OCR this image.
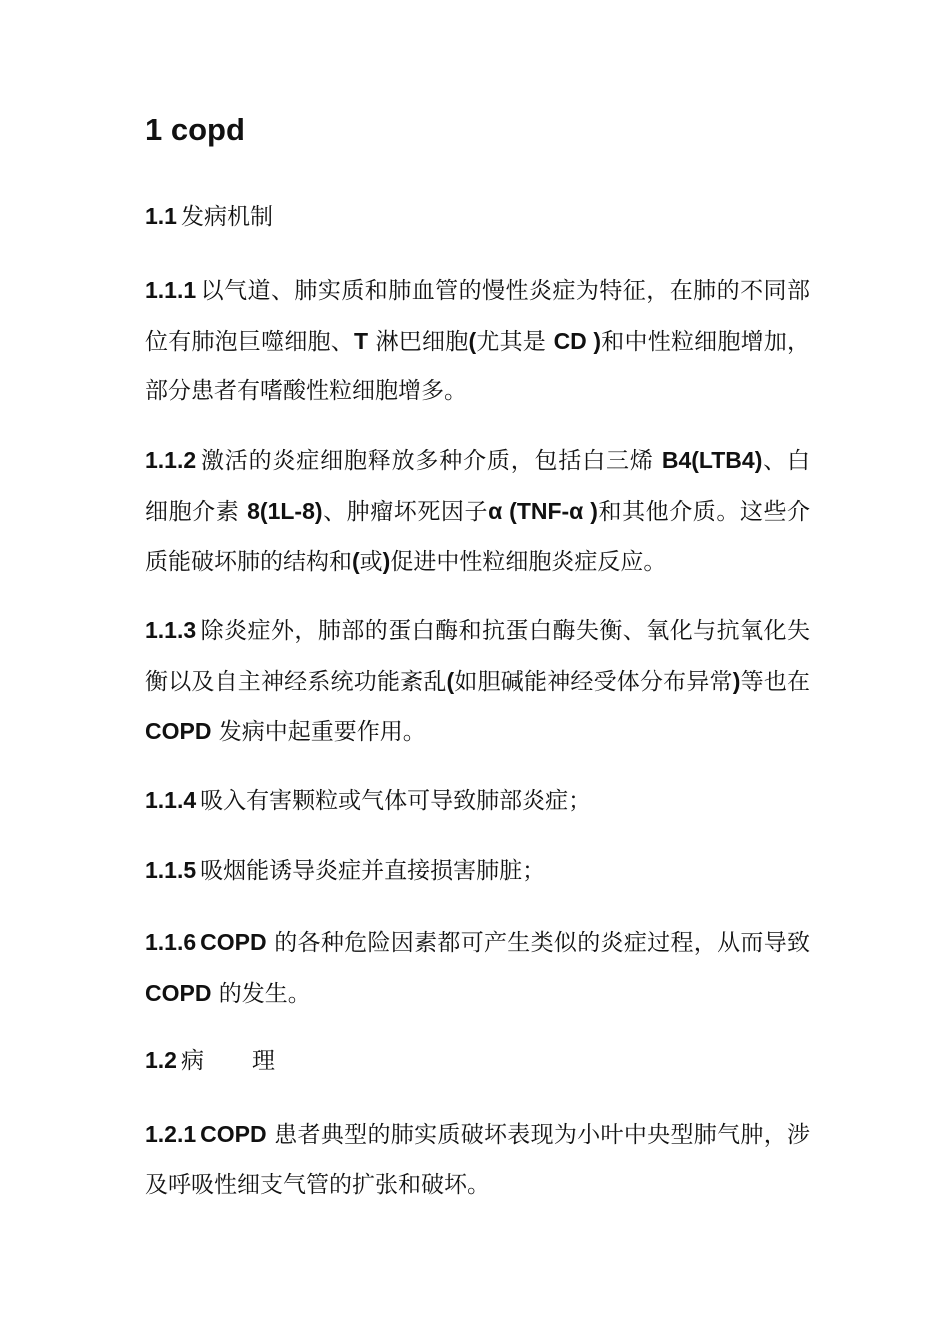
1 copd

1.1 发病机制

1.1.1 以气道、肺实质和肺血管的慢性炎症为特征，在肺的不同部位有肺泡巨噬细胞、T 淋巴细胞(尤其是 CD )和中性粒细胞增加，部分患者有嗜酸性粒细胞增多。

1.1.2 激活的炎症细胞释放多种介质，包括白三烯 B4(LTB4)、白细胞介素 8(1L-8)、肿瘤坏死因子α (TNF-α )和其他介质。这些介质能破坏肺的结构和(或)促进中性粒细胞炎症反应。

1.1.3 除炎症外，肺部的蛋白酶和抗蛋白酶失衡、氧化与抗氧化失衡以及自主神经系统功能紊乱(如胆碱能神经受体分布异常)等也在 COPD 发病中起重要作用。

1.1.4 吸入有害颗粒或气体可导致肺部炎症；

1.1.5 吸烟能诱导炎症并直接损害肺脏；

1.1.6 COPD 的各种危险因素都可产生类似的炎症过程，从而导致 COPD 的发生。

1.2 病 理

1.2.1 COPD 患者典型的肺实质破坏表现为小叶中央型肺气肿，涉及呼吸性细支气管的扩张和破坏。
